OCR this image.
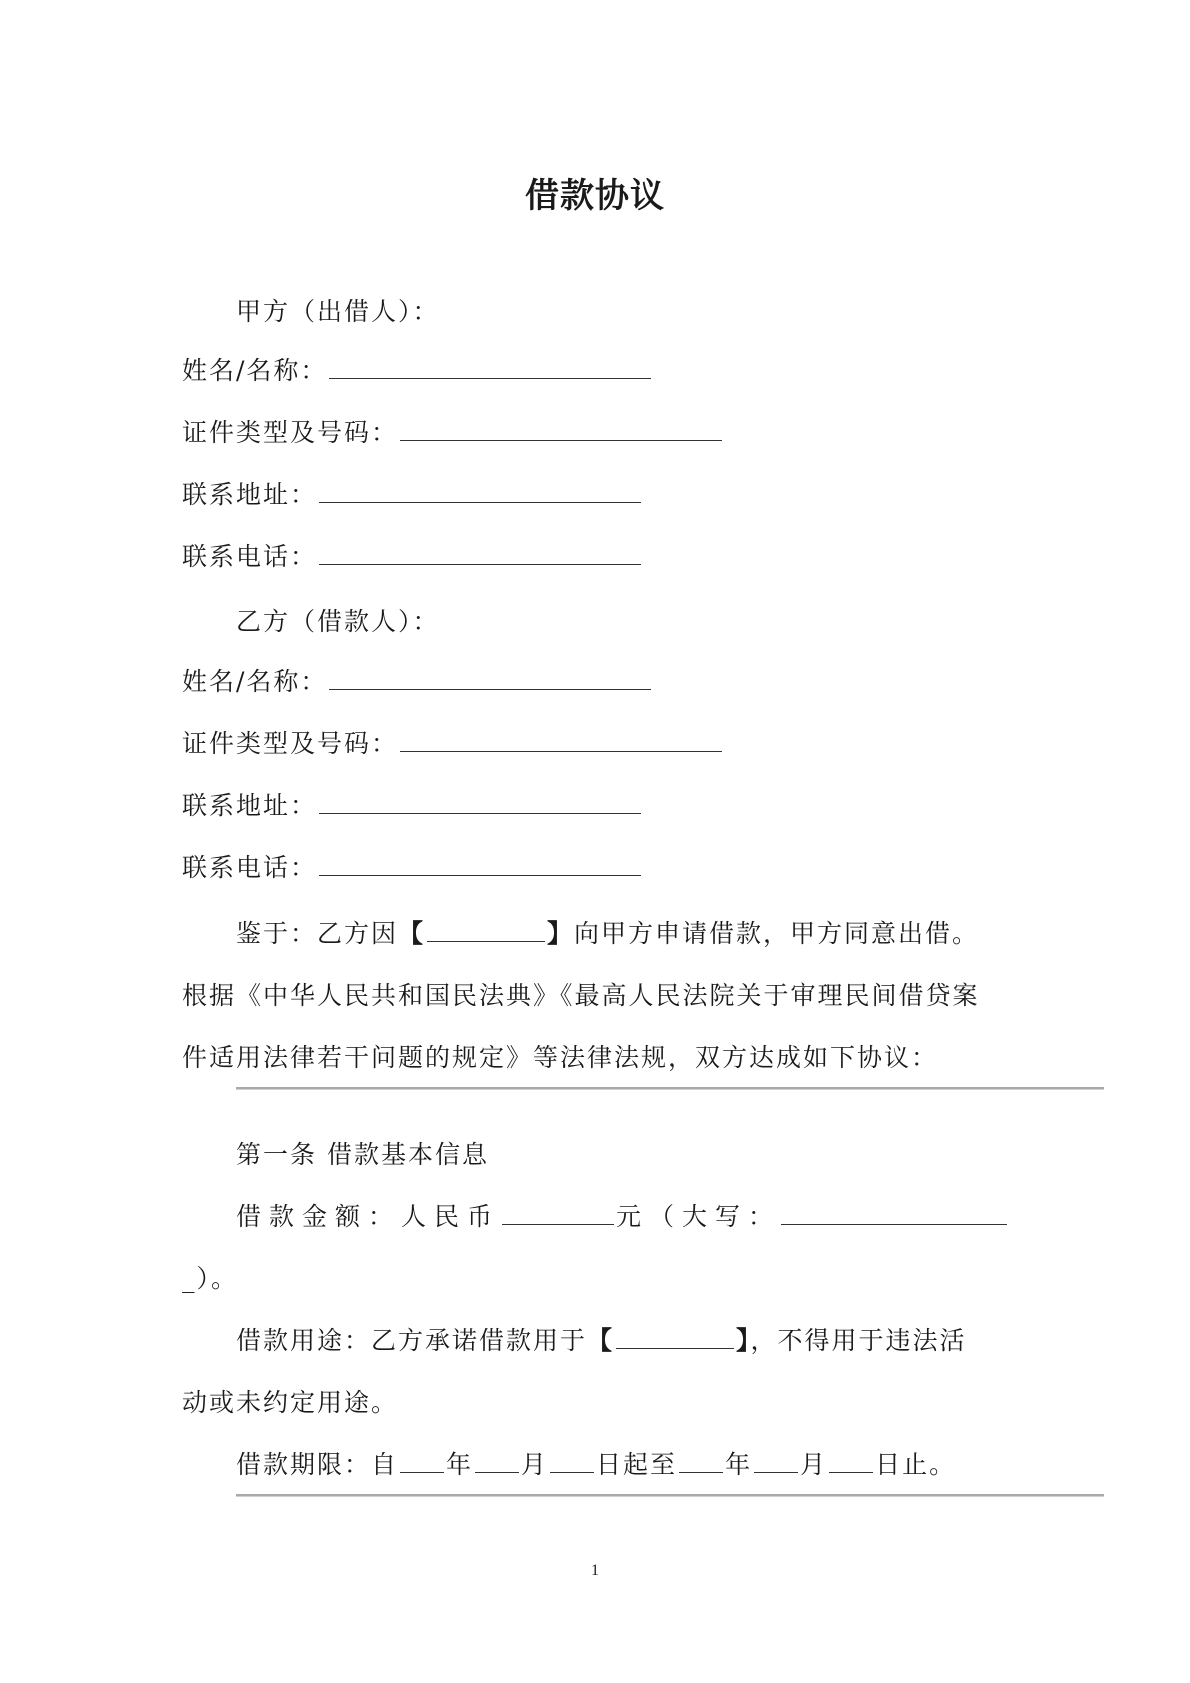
借款协议
甲方（出借人）：
姓名/名称：
证件类型及号码：
联系地址：
联系电话：
乙方（借款人）：
姓名/名称：
证件类型及号码：
联系地址：
联系电话：
鉴于：乙方因【	】向甲方申请借款，甲方同意出借。
根据《中华人民共和国民法典》《最高人民法院关于审理民间借贷案
件适用法律若干问题的规定》等法律法规，双方达成如下协议：
第一条 借款基本信息
借款金额：人民币	元（大写：
_）。
借款用途：乙方承诺借款用于【	】，不得用于违法活
动或未约定用途。
借款期限：自 年 月 日起至 年 月 日止。
1
